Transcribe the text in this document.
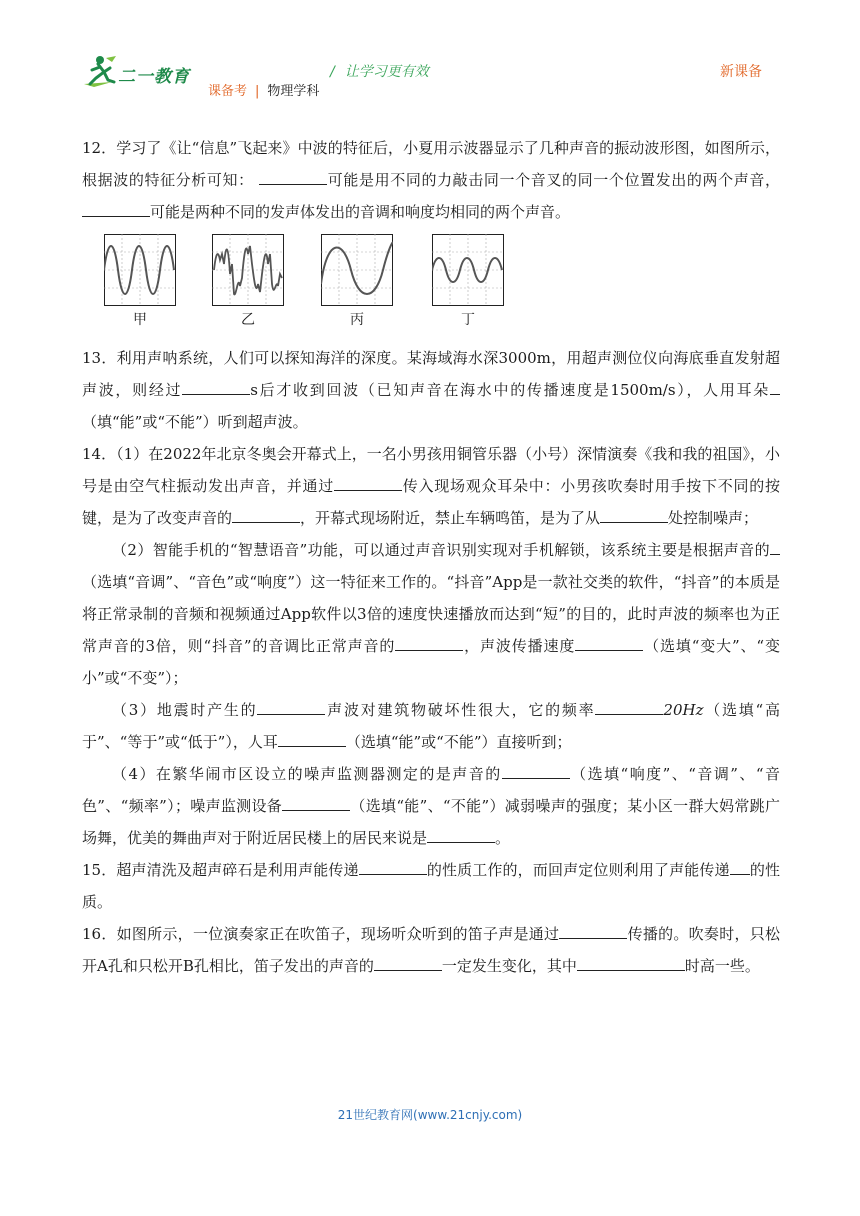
二一教育	/ 让学习更有效	新课备
课备考 | 物理学科

12．学习了《让“信息”飞起来》中波的特征后，小夏用示波器显示了几种声音的振动波形图，如图所示，根据波的特征分析可知：	可能是用不同的力敲击同一个音叉的同一个位置发出的两个声音，可能是两种不同的发声体发出的音调和响度均相同的两个声音。

甲	乙	丙	丁

13．利用声呐系统，人们可以探知海洋的深度。某海域海水深3000m，用超声测位仪向海底垂直发射超声波，则经过	s后才收到回波（已知声音在海水中的传播速度是1500m/s），人用耳朵（填“能”或“不能”）听到超声波。

14．（1）在2022年北京冬奥会开幕式上，一名小男孩用铜管乐器（小号）深情演奏《我和我的祖国》，小号是由空气柱振动发出声音，并通过	传入现场观众耳朵中：小男孩吹奏时用手按下不同的按键，是为了改变声音的	，开幕式现场附近，禁止车辆鸣笛，是为了从	处控制噪声；

（2）智能手机的“智慧语音”功能，可以通过声音识别实现对手机解锁，该系统主要是根据声音的（选填“音调”、“音色”或“响度”）这一特征来工作的。“抖音”App是一款社交类的软件，“抖音”的本质是将正常录制的音频和视频通过App软件以3倍的速度快速播放而达到“短”的目的，此时声波的频率也为正常声音的3倍，则“抖音”的音调比正常声音的	，声波传播速度	（选填“变大”、“变小”或“不变”）；

（3）地震时产生的	声波对建筑物破坏性很大，它的频率	20Hz（选填“高于”、“等于”或“低于”），人耳	（选填“能”或“不能”）直接听到；

（4）在繁华闹市区设立的噪声监测器测定的是声音的	（选填“响度”、“音调”、“音色”、“频率”）；噪声监测设备	（选填“能”、“不能”）减弱噪声的强度；某小区一群大妈常跳广场舞，优美的舞曲声对于附近居民楼上的居民来说是	。

15．超声清洗及超声碎石是利用声能传递	的性质工作的，而回声定位则利用了声能传递 的性质。

16．如图所示，一位演奏家正在吹笛子，现场听众听到的笛子声是通过	传播的。吹奏时，只松开A孔和只松开B孔相比，笛子发出的声音的	一定发生变化，其中	时高一些。

21世纪教育网(www.21cnjy.com)
